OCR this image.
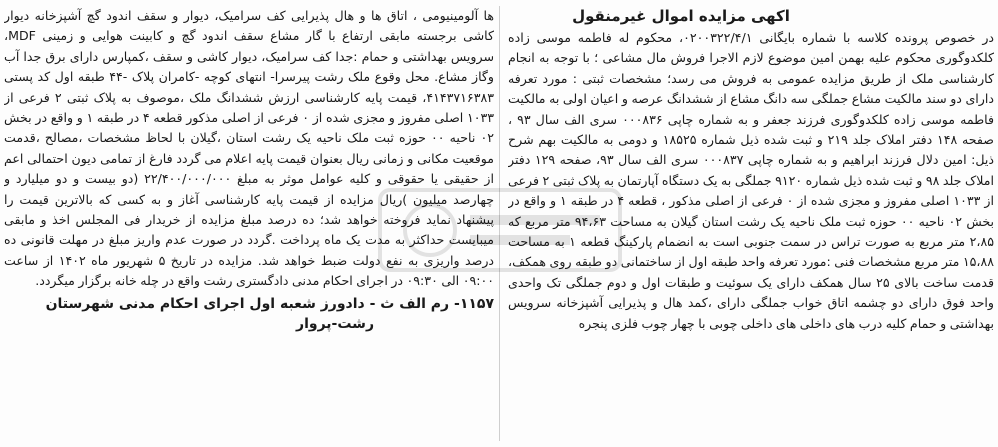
اکهی مزایده اموال غیرمنقول

در خصوص پرونده کلاسه با شماره بایگانی ۰۲۰۰۳۲۲/۴/۱، محکوم له فاطمه موسی زاده کلکدوگوری محکوم علیه بهمن امین موضوع لازم الاجرا فروش مال مشاعی ؛ با توجه به انجام کارشناسی ملک از طریق مزایده عمومی به فروش می رسد؛ مشخصات ثبتی : مورد تعرفه دارای دو سند مالکیت مشاع جملگی سه دانگ مشاع از ششدانگ عرصه و اعیان اولی به مالکیت فاطمه موسی زاده کلکدوگوری فرزند جعفر و به شماره چاپی ۰۰۰۸۳۶ سری الف سال ۹۳ ، صفحه ۱۴۸ دفتر املاک جلد ۲۱۹ و ثبت شده ذیل شماره ۱۸۵۲۵ و دومی به مالکیت بهم شرح ذیل: امین دلال فرزند ابراهیم و به شماره چاپی ۰۰۰۸۳۷ سری الف سال ۹۳، صفحه ۱۲۹ دفتر املاک جلد ۹۸ و ثبت شده ذیل شماره ۹۱۲۰ جملگی به یک دستگاه آپارتمان به پلاک ثبتی ۲ فرعی از ۱۰۳۳ اصلی مفروز و مجزی شده از ۰ فرعی از اصلی مذکور ، قطعه ۴ در طبقه ۱ و واقع در بخش ۰۲ ناحیه ۰۰ حوزه ثبت ملک ناحیه یک رشت استان گیلان به مساحت ۹۴،۶۳ متر مربع که ۲،۸۵ متر مربع به صورت تراس در سمت جنوبی است به انضمام پارکینگ قطعه ۱ به مساحت ۱۵،۸۸ متر مربع مشخصات فنی :مورد تعرفه واحد طبقه اول از ساختمانی دو طبقه روی همکف، قدمت ساخت بالای ۲۵ سال همکف دارای یک سوئیت و طبقات اول و دوم جملگی تک واحدی واحد فوق دارای دو چشمه اتاق خواب جملگی دارای ،کمد هال و پذیرایی آشپزخانه سرویس بهداشتی و حمام کلیه درب های داخلی های داخلی چوبی با چهار چوب فلزی پنجره

ها آلومینیومی ، اتاق ها و هال پذیرایی کف سرامیک، دیوار و سقف اندود گچ آشپزخانه دیوار کاشی برجسته مابقی ارتفاع با گار مشاع سقف اندود گچ و کابینت هوایی و زمینی MDF، سرویس بهداشتی و حمام :جدا کف سرامیک، دیوار کاشی و سقف ،کمپارس دارای برق جدا آب وگاز مشاع. محل وقوع ملک رشت پیرسرا- انتهای کوچه -کامران پلاک -۴۴ طبقه اول کد پستی ۴۱۴۳۷۱۶۳۸۳، قیمت پایه کارشناسی ارزش ششدانگ ملک ،موصوف به پلاک ثبتی ۲ فرعی از ۱۰۳۳ اصلی مفروز و مجزی شده از ۰ فرعی از اصلی مذکور قطعه ۴ در طبقه ۱ و واقع در بخش ۰۲ ناحیه ۰۰ حوزه ثبت ملک ناحیه یک رشت استان ،گیلان با لحاظ مشخصات ،مصالح ،قدمت موقعیت مکانی و زمانی ریال بعنوان قیمت پایه اعلام می گردد فارغ از تمامی دیون احتمالی اعم از حقیقی یا حقوقی و کلیه عوامل موثر به مبلغ ۲۲/۴۰۰/۰۰۰/۰۰۰ (دو بیست و دو میلیارد و چهارصد میلیون )ریال مزایده از قیمت پایه کارشناسی آغاز و به کسی که بالاترین قیمت را پیشنهاد نماید فروخته خواهد شد؛ ده درصد مبلغ مزایده از خریدار فی المجلس اخذ و مابقی میبایست حداکثر به مدت یک ماه پرداخت .گردد در صورت عدم واریز مبلغ در مهلت قانونی ده درصد واریزی به نفع دولت ضبط خواهد شد. مزایده در تاریخ ۵ شهریور ماه ۱۴۰۲ از ساعت ۰۹:۰۰ الی ۰۹:۳۰ در اجرای احکام مدنی دادگستری رشت واقع در چله خانه برگزار میگردد.

۱۱۵۷- رم الف ث - دادورز شعبه اول اجرای احکام مدنی شهرستان

رشت-پروار
